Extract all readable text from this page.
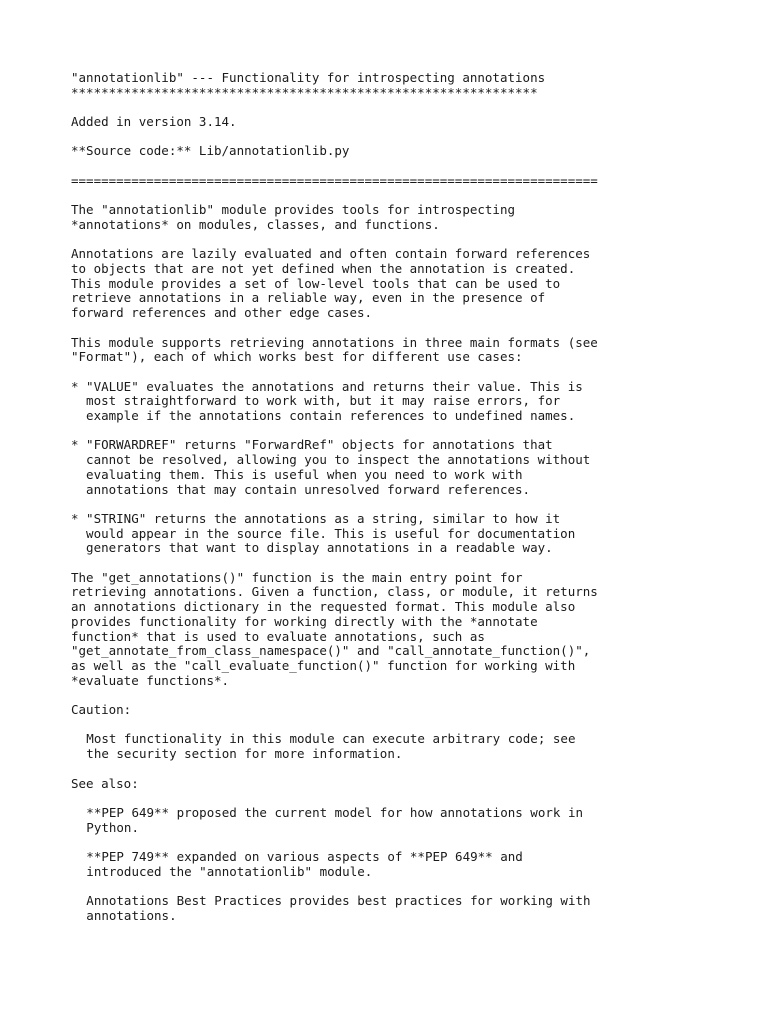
"annotationlib" --- Functionality for introspecting annotations
**************************************************************
Added in version 3.14.
**Source code:** Lib/annotationlib.py
======================================================================
The "annotationlib" module provides tools for introspecting
*annotations* on modules, classes, and functions.
Annotations are lazily evaluated and often contain forward references
to objects that are not yet defined when the annotation is created.
This module provides a set of low-level tools that can be used to
retrieve annotations in a reliable way, even in the presence of
forward references and other edge cases.
This module supports retrieving annotations in three main formats (see
"Format"), each of which works best for different use cases:
* "VALUE" evaluates the annotations and returns their value. This is
most straightforward to work with, but it may raise errors, for
example if the annotations contain references to undefined names.
* "FORWARDREF" returns "ForwardRef" objects for annotations that
cannot be resolved, allowing you to inspect the annotations without
evaluating them. This is useful when you need to work with
annotations that may contain unresolved forward references.
* "STRING" returns the annotations as a string, similar to how it
would appear in the source file. This is useful for documentation
generators that want to display annotations in a readable way.
The "get_annotations()" function is the main entry point for
retrieving annotations. Given a function, class, or module, it returns
an annotations dictionary in the requested format. This module also
provides functionality for working directly with the *annotate
function* that is used to evaluate annotations, such as
"get_annotate_from_class_namespace()" and "call_annotate_function()",
as well as the "call_evaluate_function()" function for working with
*evaluate functions*.
Caution:
Most functionality in this module can execute arbitrary code; see
the security section for more information.
See also:
**PEP 649** proposed the current model for how annotations work in
Python.
**PEP 749** expanded on various aspects of **PEP 649** and
introduced the "annotationlib" module.
Annotations Best Practices provides best practices for working with
annotations.
